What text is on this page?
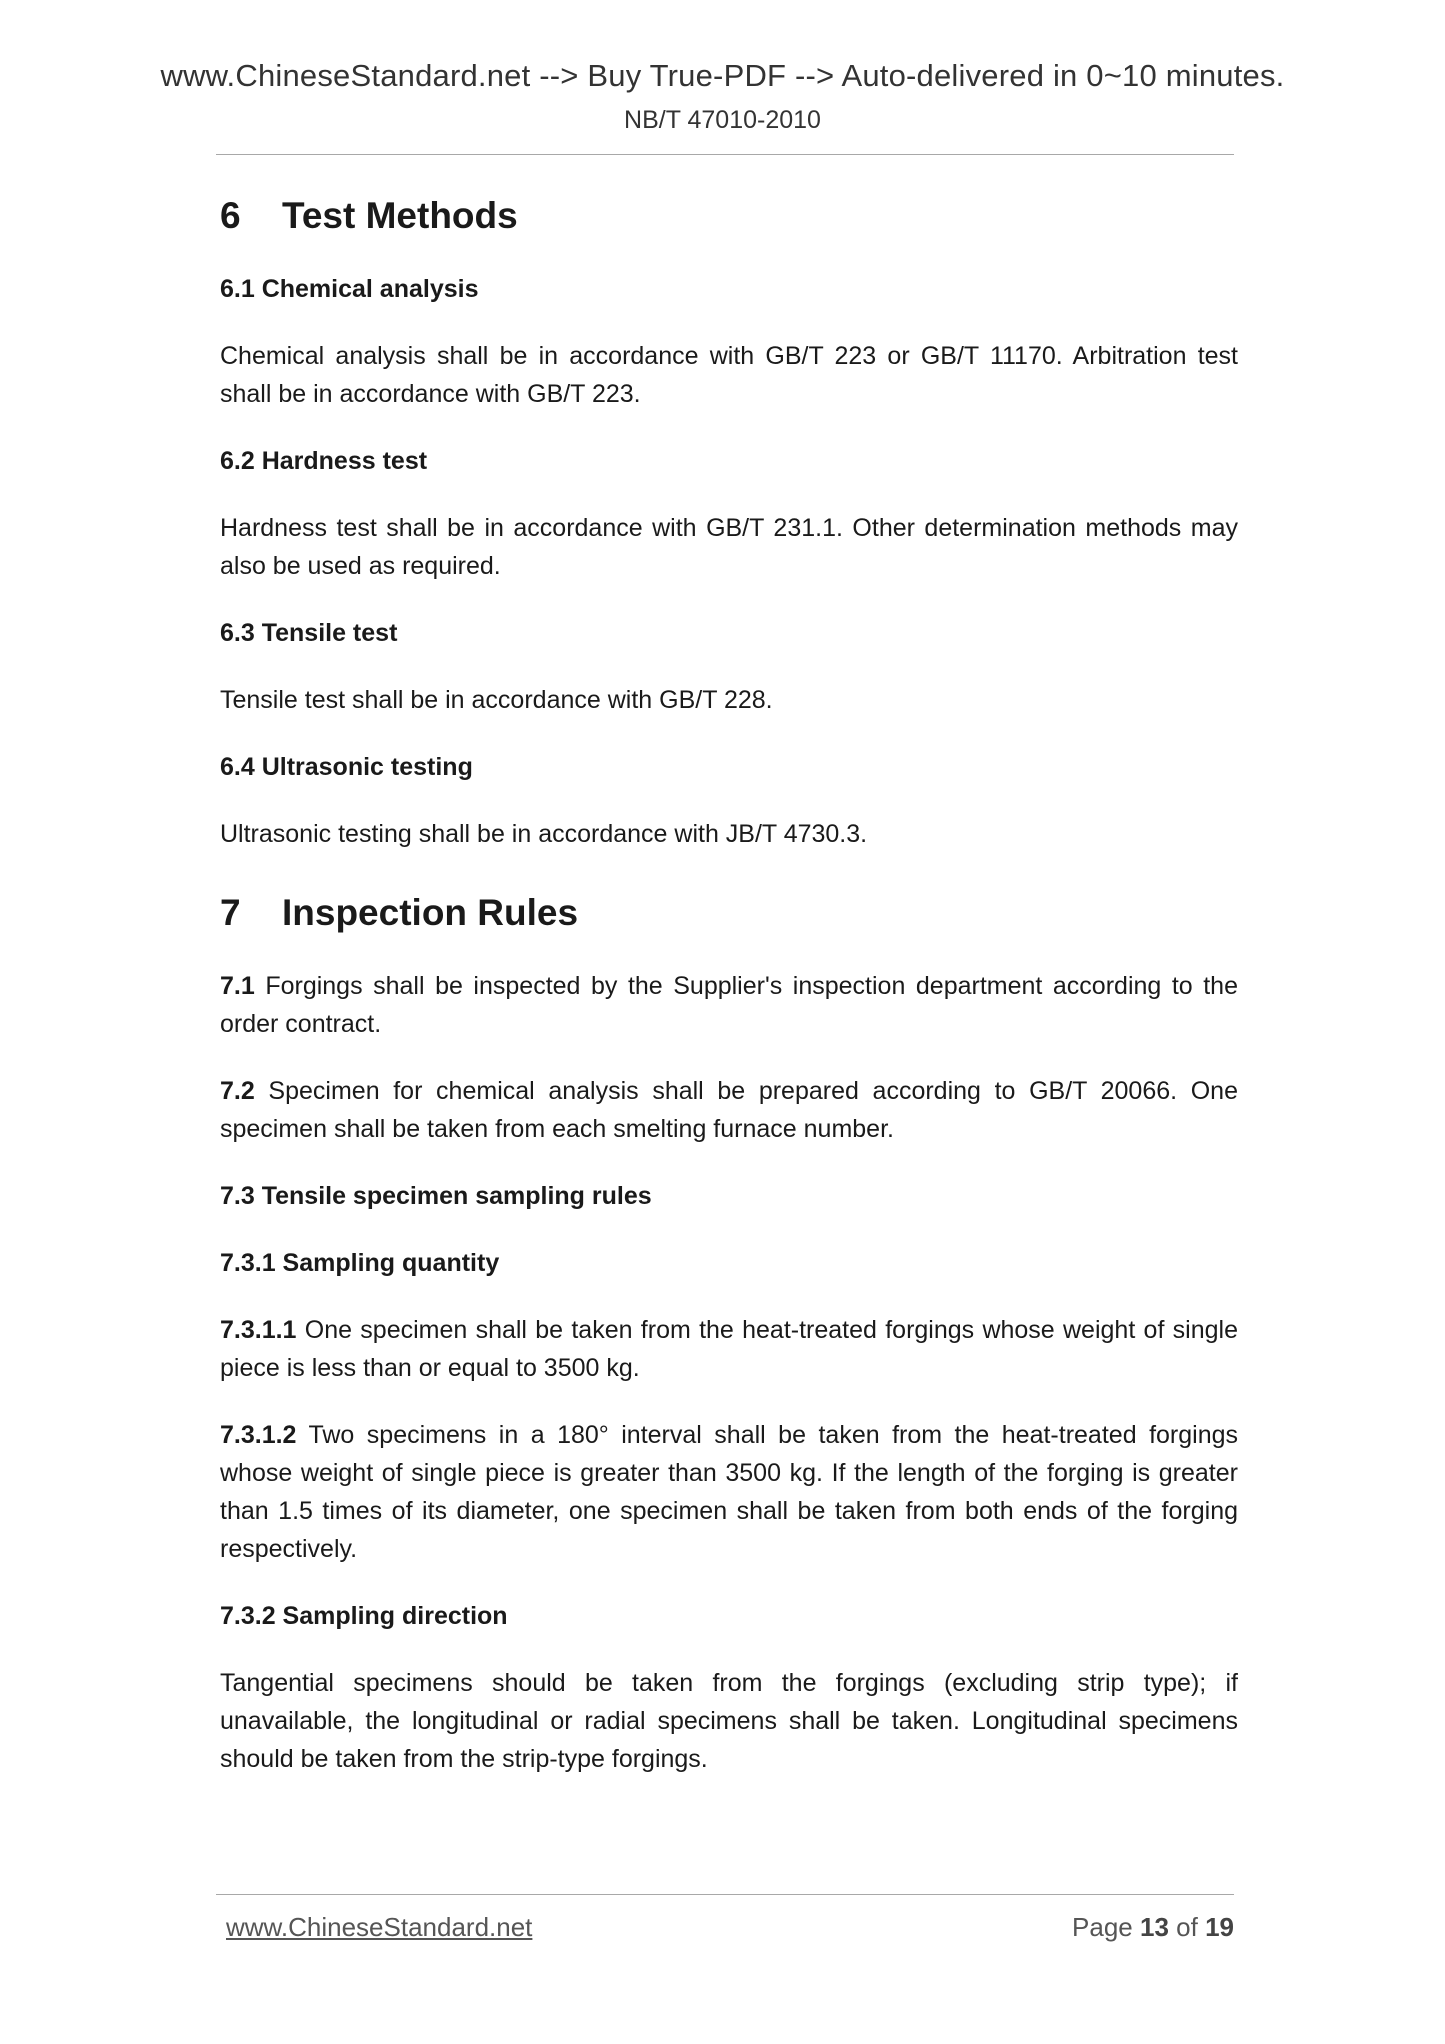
www.ChineseStandard.net --> Buy True-PDF --> Auto-delivered in 0~10 minutes.
NB/T 47010-2010
6 Test Methods
6.1 Chemical analysis

Chemical analysis shall be in accordance with GB/T 223 or GB/T 11170. Arbitration test shall be in accordance with GB/T 223.

6.2 Hardness test

Hardness test shall be in accordance with GB/T 231.1. Other determination methods may also be used as required.

6.3 Tensile test

Tensile test shall be in accordance with GB/T 228.

6.4 Ultrasonic testing

Ultrasonic testing shall be in accordance with JB/T 4730.3.

7 Inspection Rules

7.1 Forgings shall be inspected by the Supplier's inspection department according to the order contract.

7.2 Specimen for chemical analysis shall be prepared according to GB/T 20066. One specimen shall be taken from each smelting furnace number.

7.3 Tensile specimen sampling rules
7.3.1 Sampling quantity

7.3.1.1 One specimen shall be taken from the heat-treated forgings whose weight of single piece is less than or equal to 3500 kg.

7.3.1.2 Two specimens in a 180° interval shall be taken from the heat-treated forgings whose weight of single piece is greater than 3500 kg. If the length of the forging is greater than 1.5 times of its diameter, one specimen shall be taken from both ends of the forging respectively.

7.3.2 Sampling direction

Tangential specimens should be taken from the forgings (excluding strip type); if unavailable, the longitudinal or radial specimens shall be taken. Longitudinal specimens should be taken from the strip-type forgings.

www.ChineseStandard.net	Page 13 of 19
